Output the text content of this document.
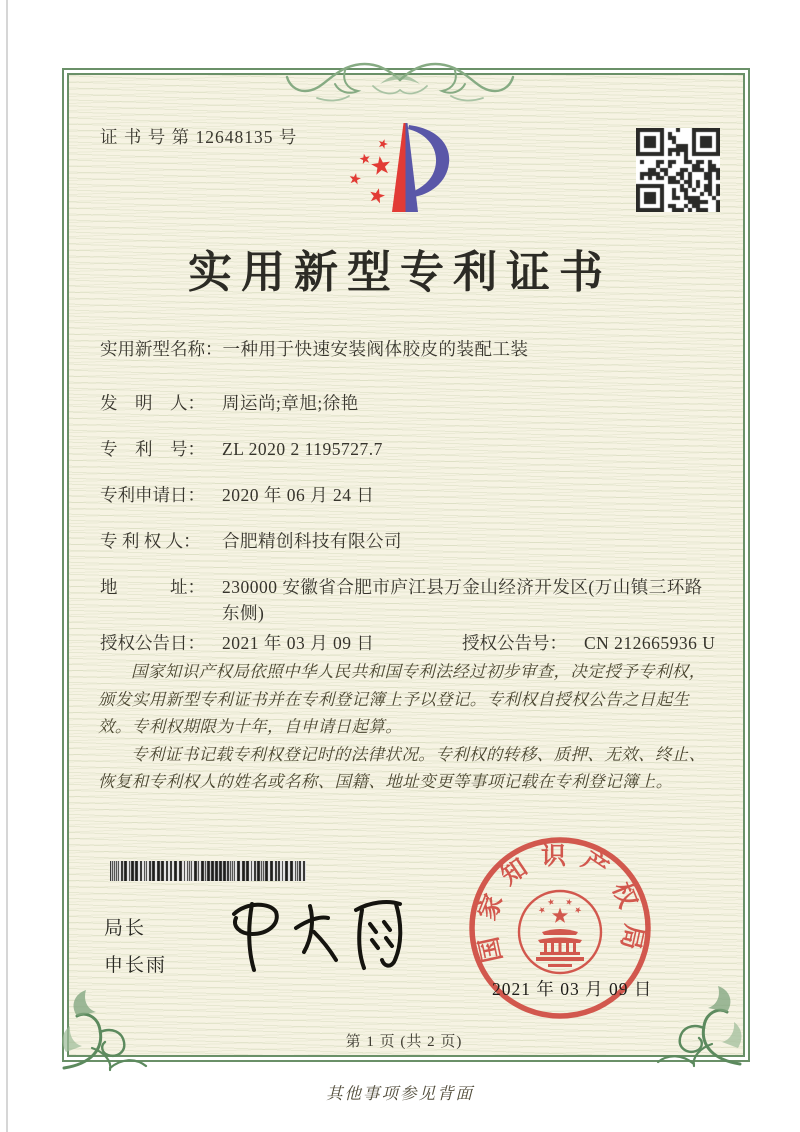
证 书 号 第 12648135 号
实用新型专利证书
实用新型名称： 一种用于快速安装阀体胶皮的装配工装
发　明　人： 周运尚;章旭;徐艳
专　利　号： ZL 2020 2 1195727.7
专利申请日： 2020 年 06 月 24 日
专 利 权 人：	合肥精创科技有限公司
地　　　址： 230000 安徽省合肥市庐江县万金山经济开发区(万山镇三环路东侧)
授权公告日： 2021 年 03 月 09 日	授权公告号： CN 212665936 U

国家知识产权局依照中华人民共和国专利法经过初步审查，决定授予专利权，颁发实用新型专利证书并在专利登记簿上予以登记。专利权自授权公告之日起生效。专利权期限为十年，自申请日起算。

专利证书记载专利权登记时的法律状况。专利权的转移、质押、无效、终止、恢复和专利权人的姓名或名称、国籍、地址变更等事项记载在专利登记簿上。

局长
申长雨
国家知识产权局
2021 年 03 月 09 日
第 1 页 (共 2 页)
其他事项参见背面
